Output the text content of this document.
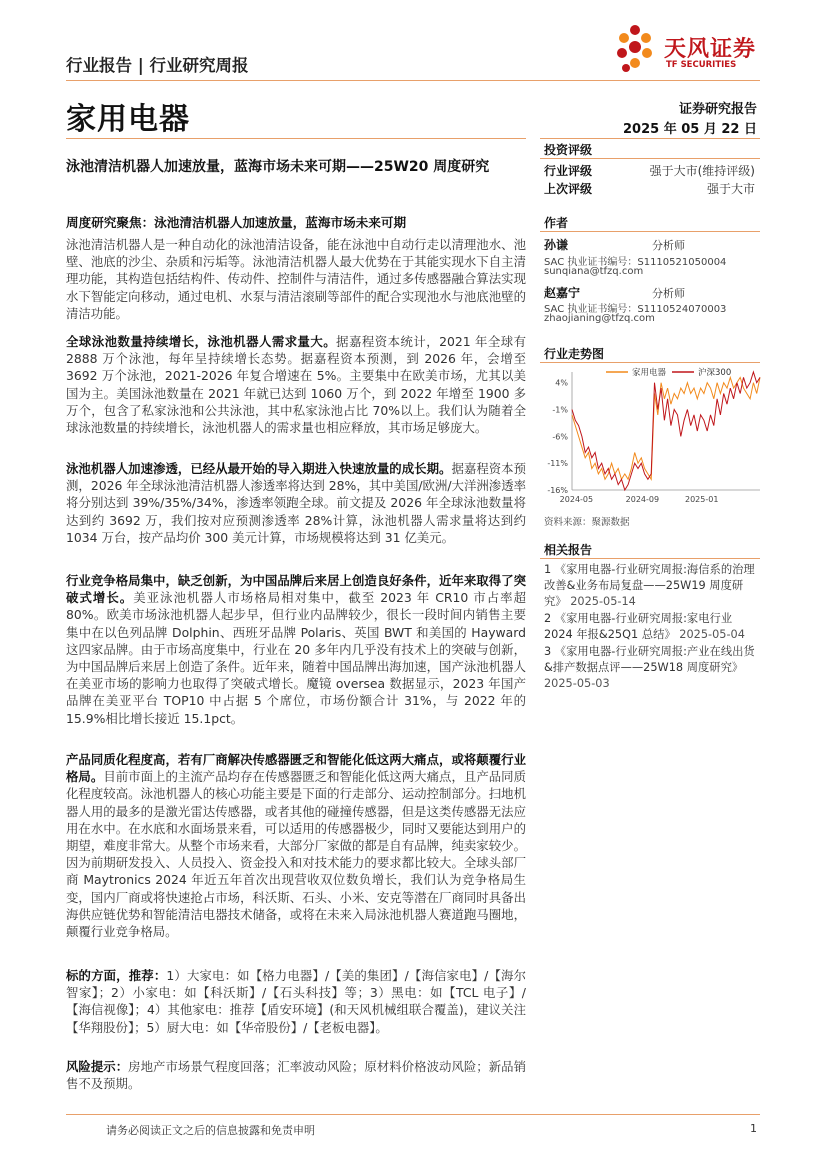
行业报告 | 行业研究周报
天风证券
TF SECURITIES
家用电器	证券研究报告
2025 年 05 月 22 日
泳池清洁机器人加速放量，蓝海市场未来可期——25W20 周度研究
投资评级
行业评级	强于大市(维持评级)
上次评级	强于大市
作者
孙谦	分析师
SAC 执业证书编号：S1110521050004
sunqiana@tfzq.com
赵嘉宁	分析师
SAC 执业证书编号：S1110524070003
zhaojianing@tfzq.com
行业走势图
4%
-1%
-6%
-11%
-16%
2024-05	2024-09	2025-01
家用电器	沪深300
资料来源：聚源数据
相关报告
1 《家用电器-行业研究周报:海信系的治理改善&业务布局复盘——25W19 周度研究》 2025-05-14
2 《家用电器-行业研究周报:家电行业 2024 年报&25Q1 总结》 2025-05-04
3 《家用电器-行业研究周报:产业在线出货&排产数据点评——25W18 周度研究》 2025-05-03
周度研究聚焦：泳池清洁机器人加速放量，蓝海市场未来可期
泳池清洁机器人是一种自动化的泳池清洁设备，能在泳池中自动行走以清理池水、池壁、池底的沙尘、杂质和污垢等。泳池清洁机器人最大优势在于其能实现水下自主清理功能，其构造包括结构件、传动件、控制件与清洁件，通过多传感器融合算法实现水下智能定向移动，通过电机、水泵与清洁滚刷等部件的配合实现池水与池底池壁的清洁功能。
全球泳池数量持续增长，泳池机器人需求量大。据嘉程资本统计，2021 年全球有 2888 万个泳池，每年呈持续增长态势。据嘉程资本预测，到 2026 年，会增至 3692 万个泳池，2021-2026 年复合增速在 5%。主要集中在欧美市场，尤其以美国为主。美国泳池数量在 2021 年就已达到 1060 万个，到 2022 年增至 1900 多万个，包含了私家泳池和公共泳池，其中私家泳池占比 70%以上。我们认为随着全球泳池数量的持续增长，泳池机器人的需求量也相应释放，其市场足够庞大。
泳池机器人加速渗透，已经从最开始的导入期进入快速放量的成长期。据嘉程资本预测，2026 年全球泳池清洁机器人渗透率将达到 28%，其中美国/欧洲/大洋洲渗透率将分别达到 39%/35%/34%，渗透率领跑全球。前文提及 2026 年全球泳池数量将达到约 3692 万，我们按对应预测渗透率 28%计算，泳池机器人需求量将达到约 1034 万台，按产品均价 300 美元计算，市场规模将达到 31 亿美元。
行业竞争格局集中，缺乏创新，为中国品牌后来居上创造良好条件，近年来取得了突破式增长。美亚泳池机器人市场格局相对集中，截至 2023 年 CR10 市占率超 80%。欧美市场泳池机器人起步早，但行业内品牌较少，很长一段时间内销售主要集中在以色列品牌 Dolphin、西班牙品牌 Polaris、英国 BWT 和美国的 Hayward 这四家品牌。由于市场高度集中，行业在 20 多年内几乎没有技术上的突破与创新，为中国品牌后来居上创造了条件。近年来，随着中国品牌出海加速，国产泳池机器人在美亚市场的影响力也取得了突破式增长。魔镜 oversea 数据显示，2023 年国产品牌在美亚平台 TOP10 中占据 5 个席位，市场份额合计 31%，与 2022 年的 15.9%相比增长接近 15.1pct。
产品同质化程度高，若有厂商解决传感器匮乏和智能化低这两大痛点，或将颠覆行业格局。目前市面上的主流产品均存在传感器匮乏和智能化低这两大痛点，且产品同质化程度较高。泳池机器人的核心功能主要是下面的行走部分、运动控制部分。扫地机器人用的最多的是激光雷达传感器，或者其他的碰撞传感器，但是这类传感器无法应用在水中。在水底和水面场景来看，可以适用的传感器极少，同时又要能达到用户的期望，难度非常大。从整个市场来看，大部分厂家做的都是自有品牌，纯卖家较少。因为前期研发投入、人员投入、资金投入和对技术能力的要求都比较大。全球头部厂商 Maytronics 2024 年近五年首次出现营收双位数负增长，我们认为竞争格局生变，国内厂商或将快速抢占市场，科沃斯、石头、小米、安克等潜在厂商同时具备出海供应链优势和智能清洁电器技术储备，或将在未来入局泳池机器人赛道跑马圈地，颠覆行业竞争格局。
标的方面，推荐：1）大家电：如【格力电器】/【美的集团】/【海信家电】/【海尔智家】；2）小家电：如【科沃斯】/【石头科技】等；3）黑电：如【TCL 电子】/【海信视像】；4）其他家电：推荐【盾安环境】(和天风机械组联合覆盖)，建议关注【华翔股份】；5）厨大电：如【华帝股份】/【老板电器】。
风险提示：房地产市场景气程度回落；汇率波动风险；原材料价格波动风险；新品销售不及预期。
请务必阅读正文之后的信息披露和免责申明	1
